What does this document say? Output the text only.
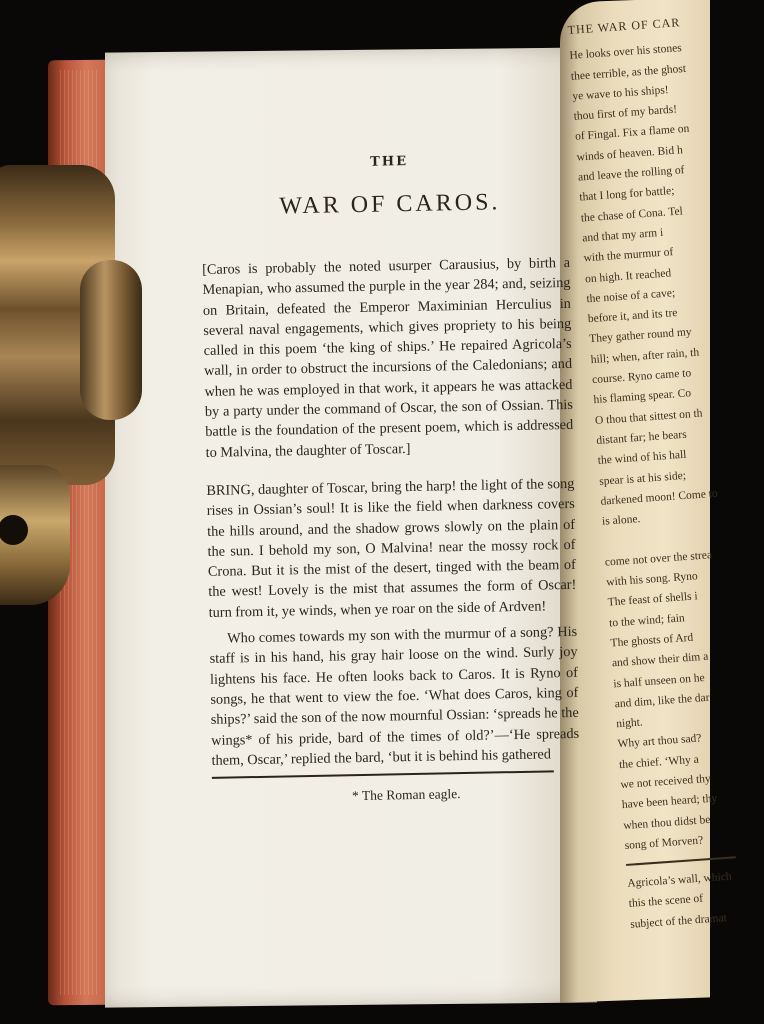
THE WAR OF CAR
He looks over his stones
thee terrible, as the ghost
ye wave to his ships!
thou first of my bards!
of Fingal. Fix a flame on
winds of heaven. Bid h
and leave the rolling of
that I long for battle;
the chase of Cona. Tel
and that my arm i
with the murmur of
on high. It reached
the noise of a cave;
before it, and its tre
They gather round my
hill; when, after rain, th
course. Ryno came to
his flaming spear. Co
O thou that sittest on th
distant far; he bears
the wind of his hall
spear is at his side;
darkened moon! Come to
is alone.

come not over the strea
with his song. Ryno
The feast of shells i
to the wind; fain
The ghosts of Ard
and show their dim a
is half unseen on he
and dim, like the dar
night.
Why art thou sad?
the chief. ‘Why a
we not received thy
have been heard; thy
when thou didst be
song of Morven?
Agricola’s wall, which
this the scene of
subject of the dramat
THE
WAR OF CAROS.

[Caros is probably the noted usurper Carausius, by birth a Menapian, who assumed the purple in the year 284; and, seizing on Britain, defeated the Emperor Maximinian Herculius in several naval engagements, which gives propriety to his being called in this poem ‘the king of ships.’ He repaired Agricola’s wall, in order to obstruct the incursions of the Caledonians; and when he was employed in that work, it appears he was attacked by a party under the command of Oscar, the son of Ossian. This battle is the foundation of the present poem, which is addressed to Malvina, the daughter of Toscar.]

BRING, daughter of Toscar, bring the harp! the light of the song rises in Ossian’s soul! It is like the field when darkness covers the hills around, and the shadow grows slowly on the plain of the sun. I behold my son, O Malvina! near the mossy rock of Crona. But it is the mist of the desert, tinged with the beam of the west! Lovely is the mist that assumes the form of Oscar! turn from it, ye winds, when ye roar on the side of Ardven!

Who comes towards my son with the murmur of a song? His staff is in his hand, his gray hair loose on the wind. Surly joy lightens his face. He often looks back to Caros. It is Ryno of songs, he that went to view the foe. ‘What does Caros, king of ships?’ said the son of the now mournful Ossian: ‘spreads he the wings* of his pride, bard of the times of old?’—‘He spreads them, Oscar,’ replied the bard, ‘but it is behind his gathered

* The Roman eagle.
